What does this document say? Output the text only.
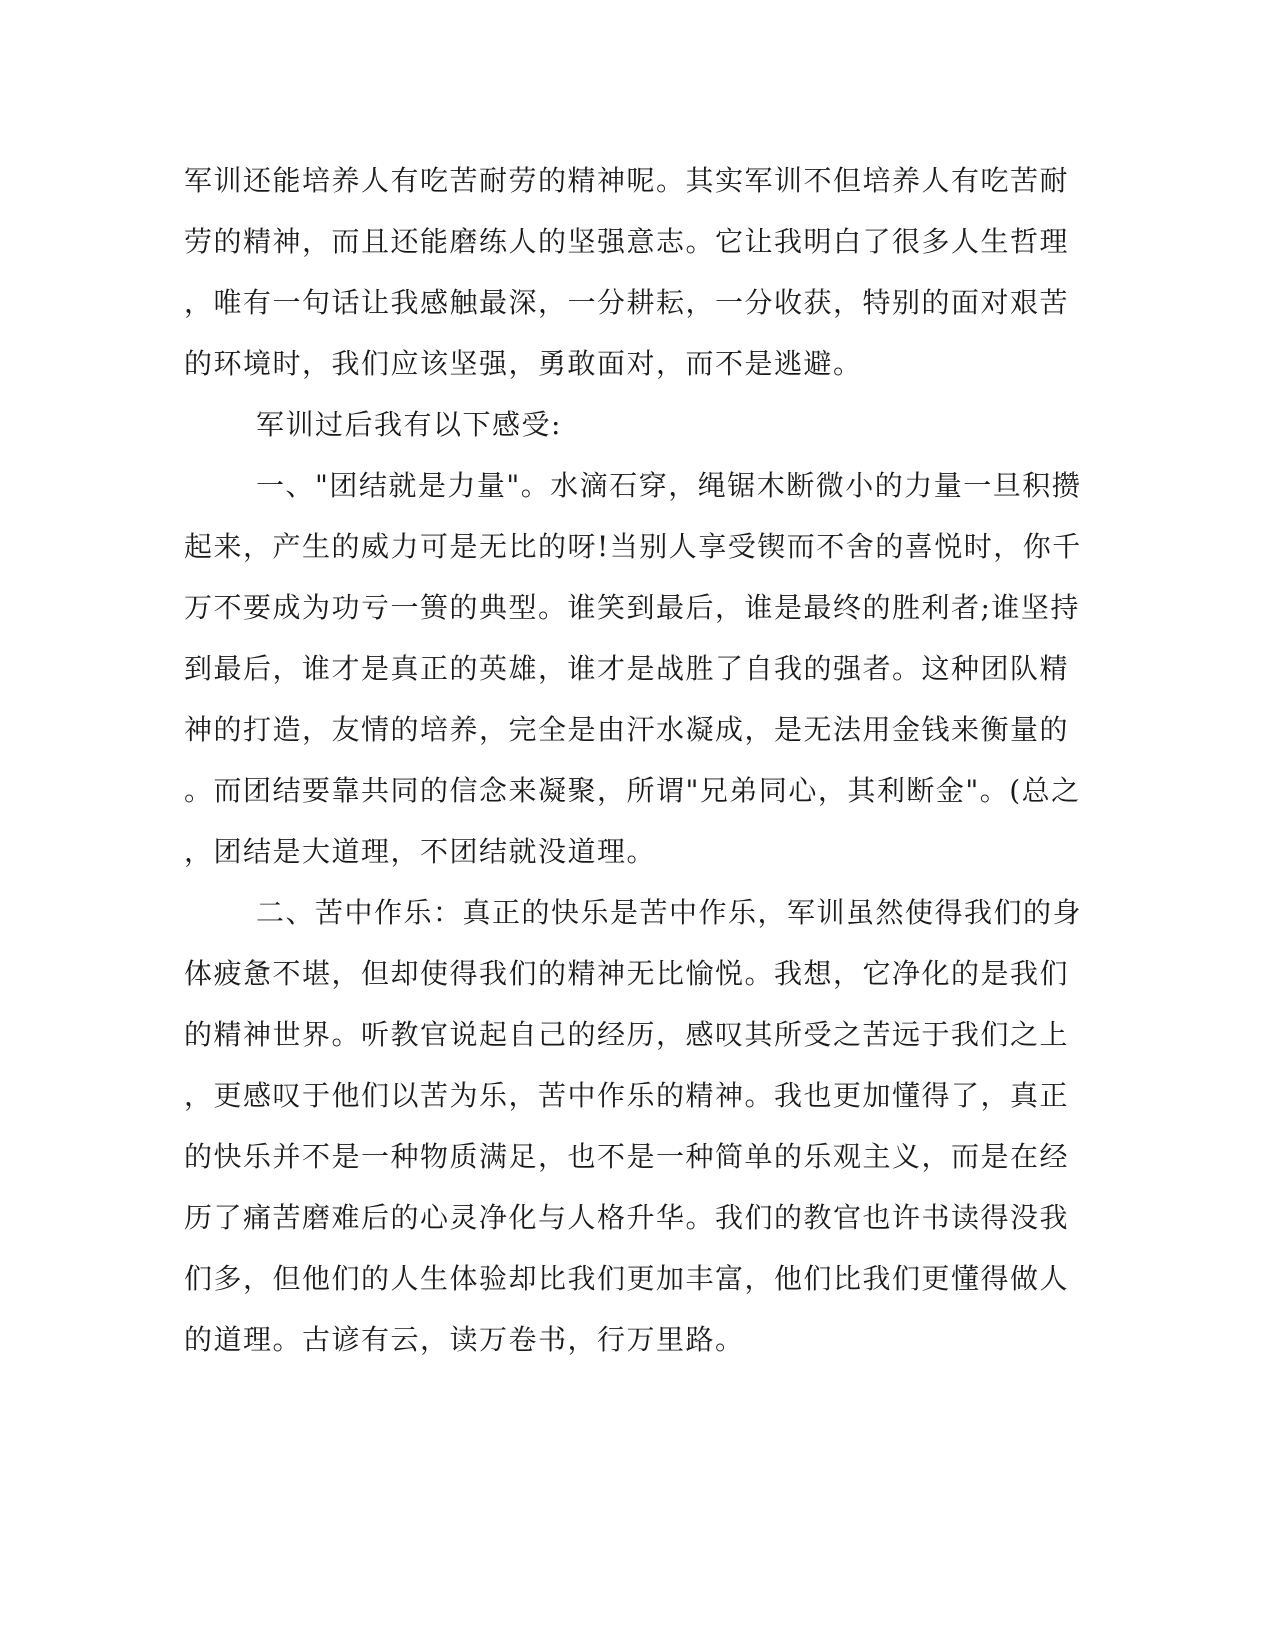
军训还能培养人有吃苦耐劳的精神呢。其实军训不但培养人有吃苦耐
劳的精神，而且还能磨练人的坚强意志。它让我明白了很多人生哲理
，唯有一句话让我感触最深，一分耕耘，一分收获，特别的面对艰苦
的环境时，我们应该坚强，勇敢面对，而不是逃避。
军训过后我有以下感受:
一、"团结就是力量"。水滴石穿，绳锯木断微小的力量一旦积攒
起来，产生的威力可是无比的呀!当别人享受锲而不舍的喜悦时，你千
万不要成为功亏一篑的典型。谁笑到最后，谁是最终的胜利者;谁坚持
到最后，谁才是真正的英雄，谁才是战胜了自我的强者。这种团队精
神的打造，友情的培养，完全是由汗水凝成，是无法用金钱来衡量的
。而团结要靠共同的信念来凝聚，所谓"兄弟同心，其利断金"。(总之
，团结是大道理，不团结就没道理。
二、苦中作乐：真正的快乐是苦中作乐，军训虽然使得我们的身
体疲惫不堪，但却使得我们的精神无比愉悦。我想，它净化的是我们
的精神世界。听教官说起自己的经历，感叹其所受之苦远于我们之上
，更感叹于他们以苦为乐，苦中作乐的精神。我也更加懂得了，真正
的快乐并不是一种物质满足，也不是一种简单的乐观主义，而是在经
历了痛苦磨难后的心灵净化与人格升华。我们的教官也许书读得没我
们多，但他们的人生体验却比我们更加丰富，他们比我们更懂得做人
的道理。古谚有云，读万卷书，行万里路。
